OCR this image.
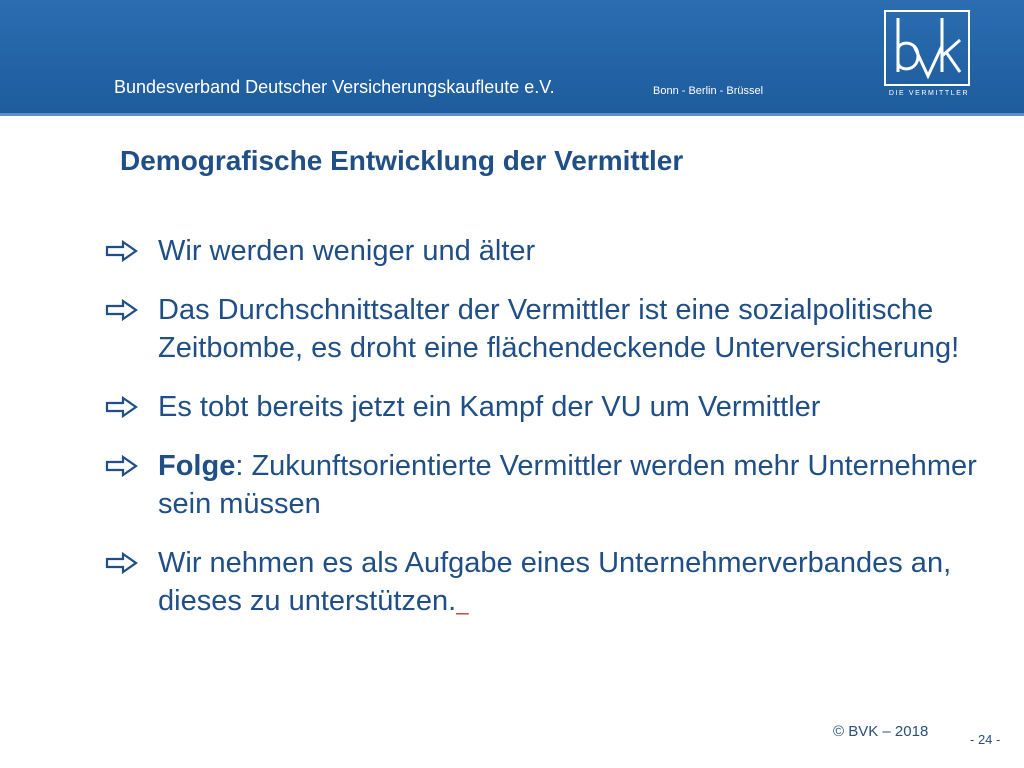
Bundesverband Deutscher Versicherungskaufleute e.V.	Bonn - Berlin - Brüssel	DIE VERMITTLER
Demografische Entwicklung der Vermittler
Wir werden weniger und älter
Das Durchschnittsalter der Vermittler ist eine sozialpolitische Zeitbombe, es droht eine flächendeckende Unterversicherung!
Es tobt bereits jetzt ein Kampf der VU um Vermittler
Folge: Zukunftsorientierte Vermittler werden mehr Unternehmer sein müssen
Wir nehmen es als Aufgabe eines Unternehmerverbandes an, dieses zu unterstützen._
© BVK – 2018	- 24 -
